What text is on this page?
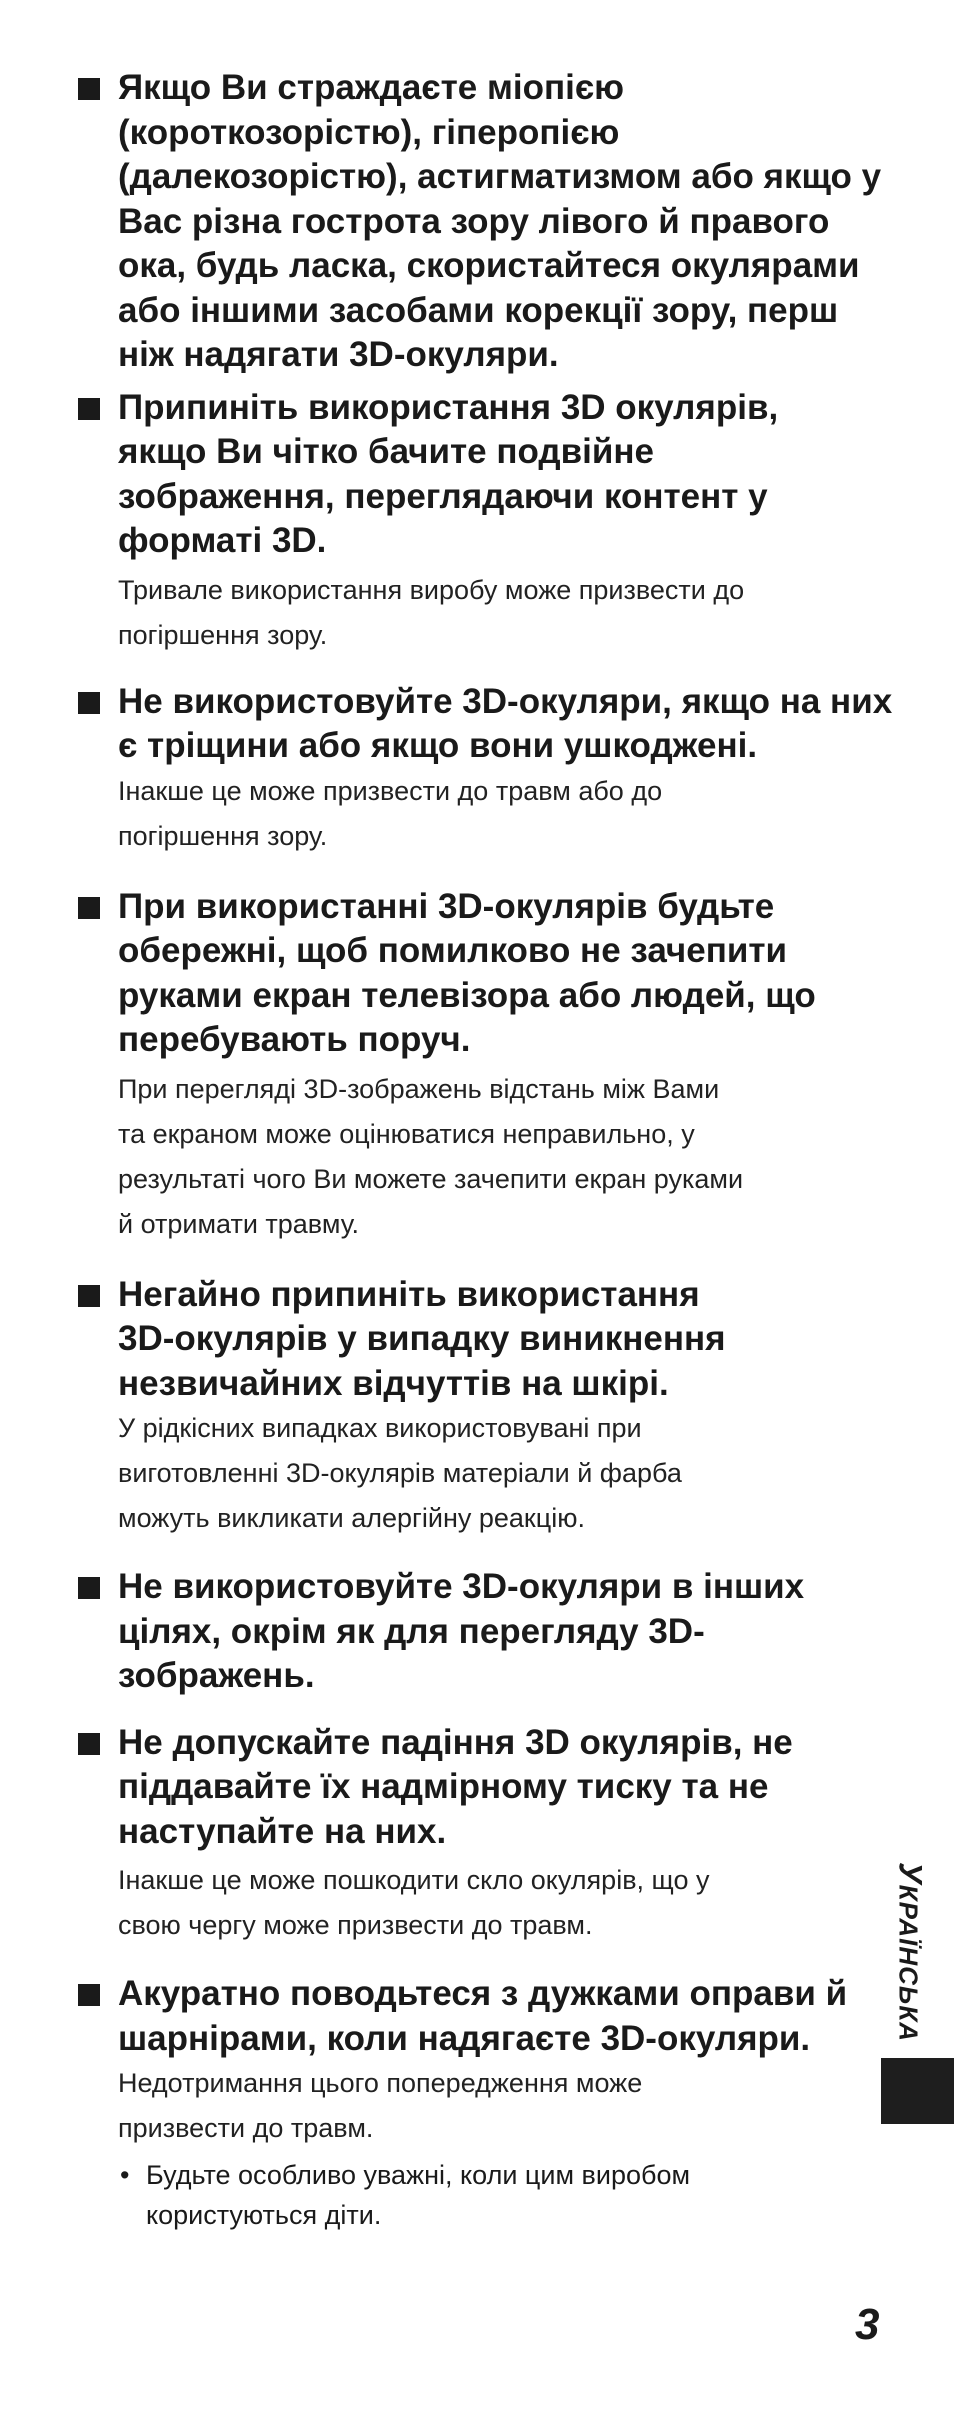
Якщо Ви страждаєте міопією (короткозорістю), гіперопією (далекозорістю), астигматизмом або якщо у Вас різна гострота зору лівого й правого ока, будь ласка, скористайтеся окулярами або іншими засобами корекції зору, перш ніж надягати 3D-окуляри.

Припиніть використання 3D окулярів, якщо Ви чітко бачите подвійне зображення, переглядаючи контент у форматі 3D.

Тривале використання виробу може призвести до

погіршення зору.

Не використовуйте 3D-окуляри, якщо на них є тріщини або якщо вони ушкоджені.

Інакше це може призвести до травм або до

погіршення зору.

При використанні 3D-окулярів будьте обережні, щоб помилково не зачепити руками екран телевізора або людей, що перебувають поруч.

При перегляді 3D-зображень відстань між Вами

та екраном може оцінюватися неправильно, у

результаті чого Ви можете зачепити екран руками

й отримати травму.

Негайно припиніть використання 3D-окулярів у випадку виникнення незвичайних відчуттів на шкірі.

У рідкісних випадках використовувані при

виготовленні 3D-окулярів матеріали й фарба

можуть викликати алергійну реакцію.

Не використовуйте 3D-окуляри в інших цілях, окрім як для перегляду 3D-зображень.

Не допускайте падіння 3D окулярів, не піддавайте їх надмірному тиску та не наступайте на них.

Інакше це може пошкодити скло окулярів, що у

свою чергу може призвести до травм.

Акуратно поводьтеся з дужками оправи й шарнірами, коли надягаєте 3D-окуляри.

Недотримання цього попередження може

призвести до травм.

• Будьте особливо уважні, коли цим виробом користуються діти.
УКРАЇНСЬКА
3
